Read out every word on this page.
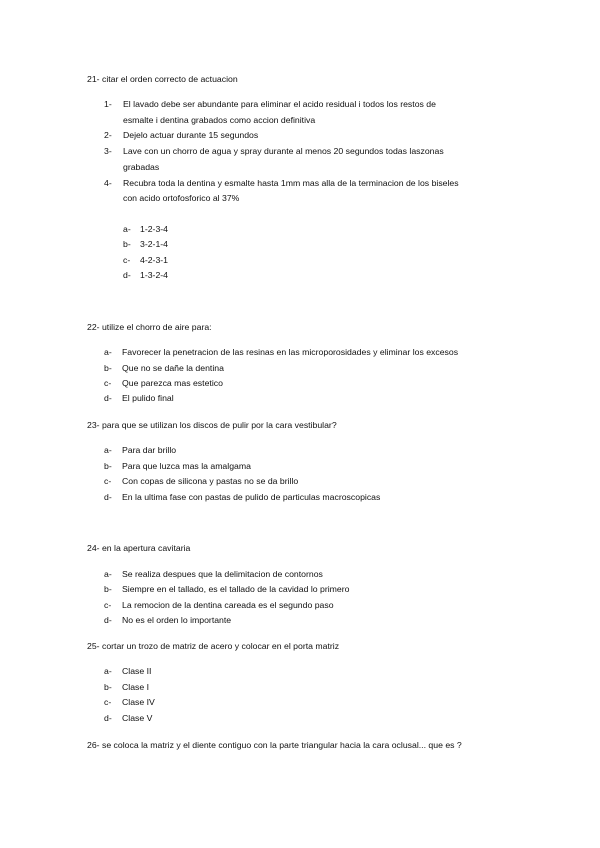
21- citar el orden correcto de actuacion
1- El lavado debe ser abundante para eliminar el acido residual i todos los restos de
esmalte i dentina grabados como accion definitiva
2- Dejelo actuar durante 15 segundos
3- Lave con un chorro de agua y spray durante al menos 20 segundos todas laszonas
grabadas
4- Recubra toda la dentina y esmalte hasta 1mm mas alla de la terminacion de los biseles
con acido ortofosforico al 37%
a- 1-2-3-4
b- 3-2-1-4
c- 4-2-3-1
d- 1-3-2-4
22- utilize el chorro de aire para:
a- Favorecer la penetracion de las resinas en las microporosidades y eliminar los excesos
b- Que no se dañe la dentina
c- Que parezca mas estetico
d- El pulido final
23- para que se utilizan los discos de pulir por la cara vestibular?
a- Para dar brillo
b- Para que luzca mas la amalgama
c- Con copas de silicona y pastas no se da brillo
d- En la ultima fase con pastas de pulido de particulas macroscopicas
24- en la apertura cavitaria
a- Se realiza despues que la delimitacion de contornos
b- Siempre en el tallado, es el tallado de la cavidad lo primero
c- La remocion de la dentina careada es el segundo paso
d- No es el orden lo importante
25- cortar un trozo de matriz de acero y colocar en el porta matriz
a- Clase II
b- Clase I
c- Clase IV
d- Clase V
26- se coloca la matriz y el diente contiguo con la parte triangular hacia la cara oclusal... que es ?
